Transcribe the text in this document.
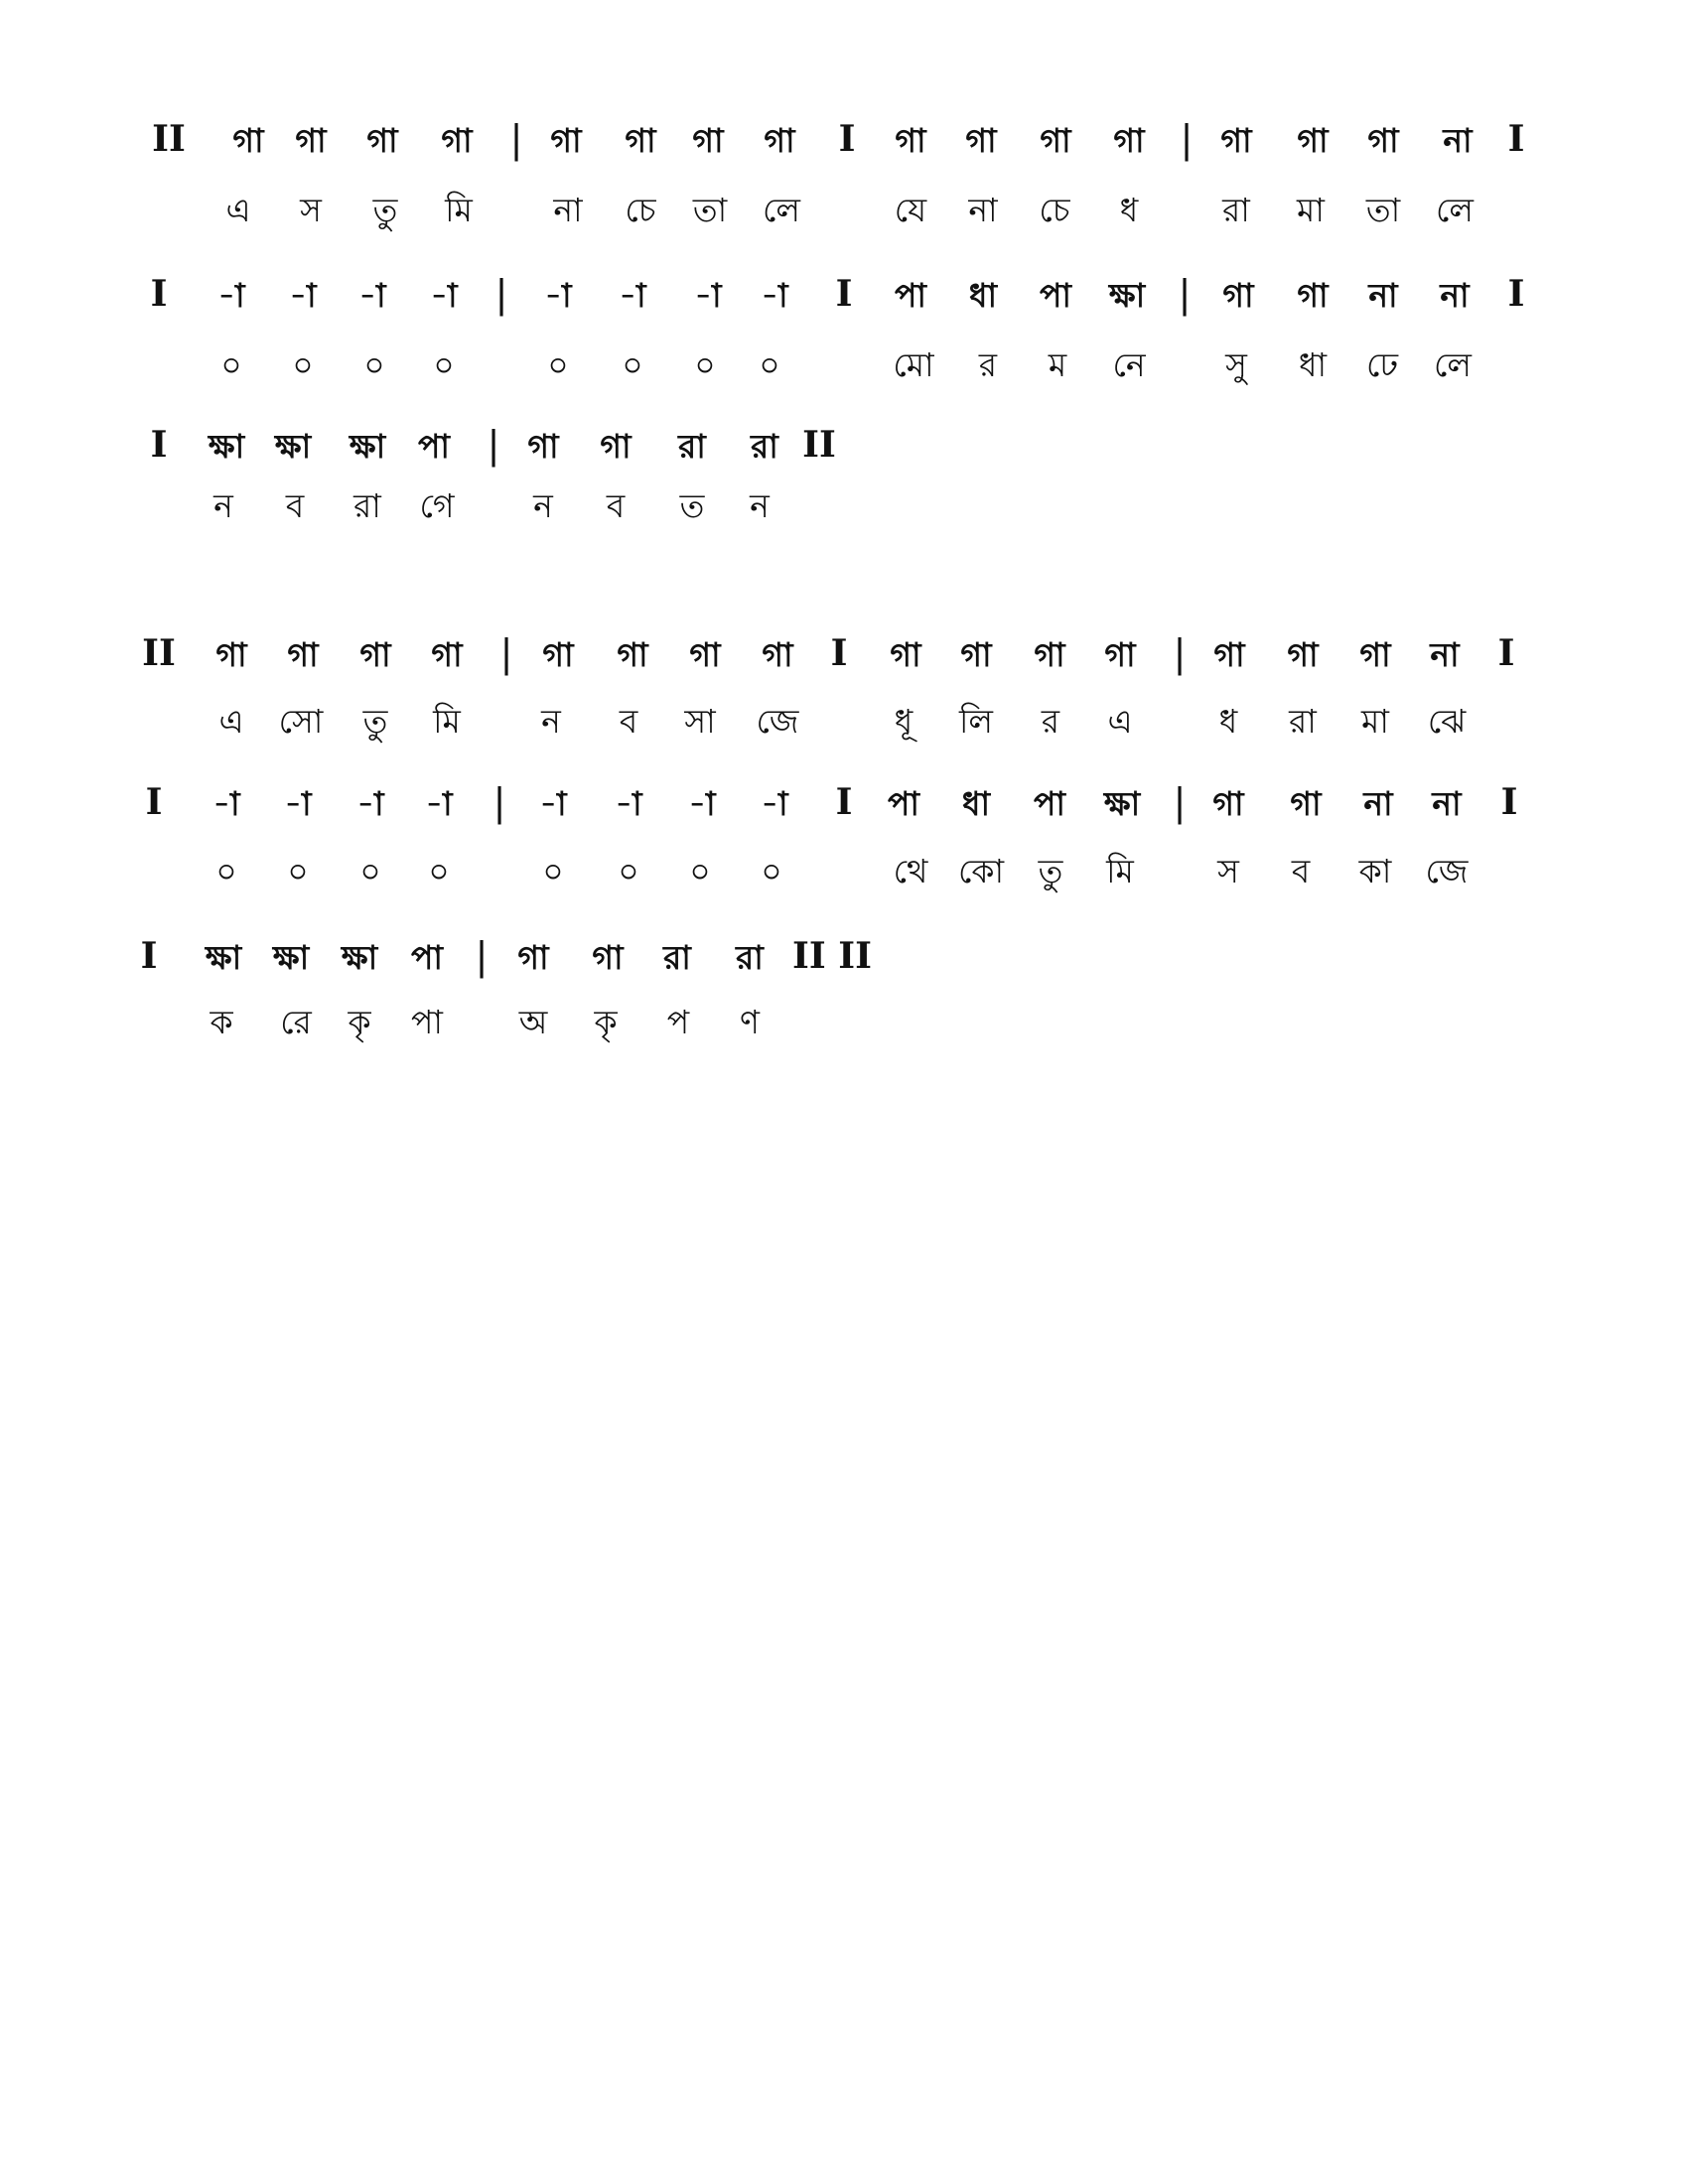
II	গা গা	গা	গা	| গা	গা	গা	গা	I	গা	গা	গা	গা | গা	গা	গা	না I
এ	স	তু	মি	না	চে	তা	লে	যে	না	চে	ধ	রা	মা	তা	লে
I	-া	-া	-া	-া	|	-া	-া	-া	-া	I	পা	ধা	পা	ক্ষা | গা	গা	না	না	I
০	০	০	০	০	০	০	০	মো	র	ম	নে	সু	ধা	ঢে	লে
I	ক্ষা ক্ষা	ক্ষা পা | গা	গা	রা	রা II
ন	ব	রা	গে	ন	ব	ত	ন
II	গা	গা	গা	গা	| গা	গা	গা	গা	I	গা	গা	গা	গা	| গা	গা	গা	না	I
এ	সো	তু	মি	ন	ব	সা	জে	ধূ	লি	র	এ	ধ	রা	মা	ঝে
I	-া	-া	-া	-া	|	-া	-া	-া	-া	I	পা	ধা	পা	ক্ষা | গা	গা	না	না	I
০	০	০	০	০	০	০	০	থে কো	তু	মি	স	ব	কা	জে
I	ক্ষা ক্ষা ক্ষা	পা | গা	গা	রা	রা II II
ক	রে	কৃ	পা	অ	কৃ	প	ণ
